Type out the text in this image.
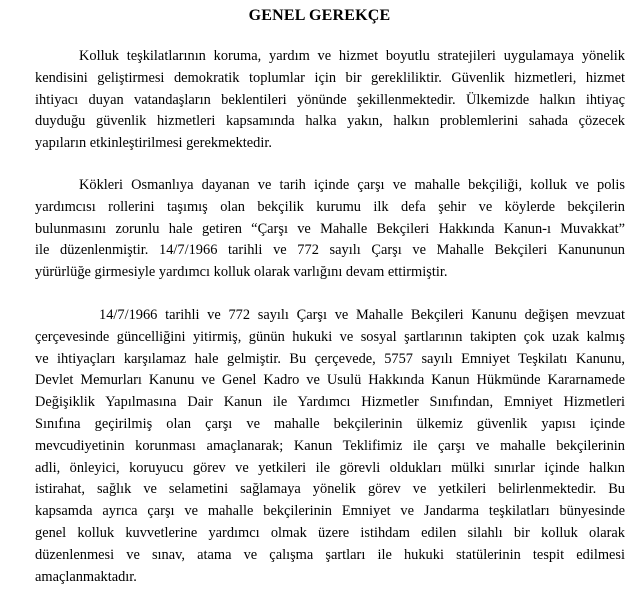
GENEL GEREKÇE
Kolluk teşkilatlarının koruma, yardım ve hizmet boyutlu stratejileri uygulamaya yönelik
kendisini geliştirmesi demokratik toplumlar için bir gerekliliktir. Güvenlik hizmetleri, hizmet
ihtiyacı duyan vatandaşların beklentileri yönünde şekillenmektedir. Ülkemizde halkın ihtiyaç
duyduğu güvenlik hizmetleri kapsamında halka yakın, halkın problemlerini sahada çözecek
yapıların etkinleştirilmesi gerekmektedir.
Kökleri Osmanlıya dayanan ve tarih içinde çarşı ve mahalle bekçiliği, kolluk ve polis
yardımcısı rollerini taşımış olan bekçilik kurumu ilk defa şehir ve köylerde bekçilerin
bulunmasını zorunlu hale getiren “Çarşı ve Mahalle Bekçileri Hakkında Kanun-ı Muvakkat”
ile düzenlenmiştir. 14/7/1966 tarihli ve 772 sayılı Çarşı ve Mahalle Bekçileri Kanununun
yürürlüğe girmesiyle yardımcı kolluk olarak varlığını devam ettirmiştir.
14/7/1966 tarihli ve 772 sayılı Çarşı ve Mahalle Bekçileri Kanunu değişen mevzuat
çerçevesinde güncelliğini yitirmiş, günün hukuki ve sosyal şartlarının takipten çok uzak kalmış
ve ihtiyaçları karşılamaz hale gelmiştir. Bu çerçevede, 5757 sayılı Emniyet Teşkilatı Kanunu,
Devlet Memurları Kanunu ve Genel Kadro ve Usulü Hakkında Kanun Hükmünde Kararnamede
Değişiklik Yapılmasına Dair Kanun ile Yardımcı Hizmetler Sınıfından, Emniyet Hizmetleri
Sınıfına geçirilmiş olan çarşı ve mahalle bekçilerinin ülkemiz güvenlik yapısı içinde
mevcudiyetinin korunması amaçlanarak; Kanun Teklifimiz ile çarşı ve mahalle bekçilerinin
adli, önleyici, koruyucu görev ve yetkileri ile görevli oldukları mülki sınırlar içinde halkın
istirahat, sağlık ve selametini sağlamaya yönelik görev ve yetkileri belirlenmektedir. Bu
kapsamda ayrıca çarşı ve mahalle bekçilerinin Emniyet ve Jandarma teşkilatları bünyesinde
genel kolluk kuvvetlerine yardımcı olmak üzere istihdam edilen silahlı bir kolluk olarak
düzenlenmesi ve sınav, atama ve çalışma şartları ile hukuki statülerinin tespit edilmesi
amaçlanmaktadır.
